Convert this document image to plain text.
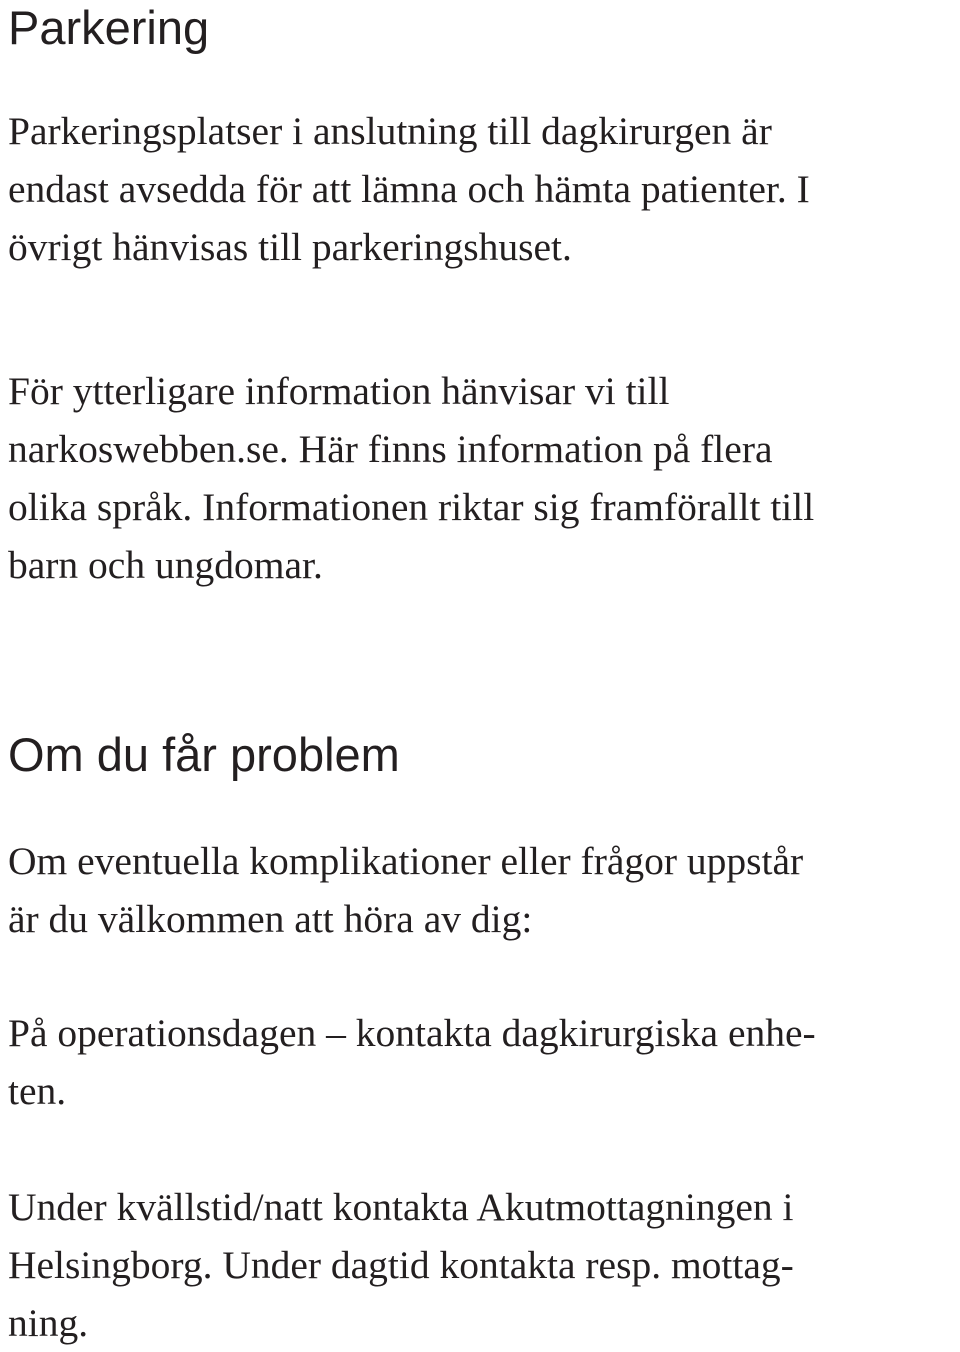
Parkering

Parkeringsplatser i anslutning till dagkirurgen är
endast avsedda för att lämna och hämta patienter. I
övrigt hänvisas till parkeringshuset.

För ytterligare information hänvisar vi till
narkoswebben.se. Här finns information på flera
olika språk. Informationen riktar sig framförallt till
barn och ungdomar.

Om du får problem

Om eventuella komplikationer eller frågor uppstår
är du välkommen att höra av dig:

På operationsdagen – kontakta dagkirurgiska enhe-
ten.

Under kvällstid/natt kontakta Akutmottagningen i
Helsingborg. Under dagtid kontakta resp. mottag-
ning.
